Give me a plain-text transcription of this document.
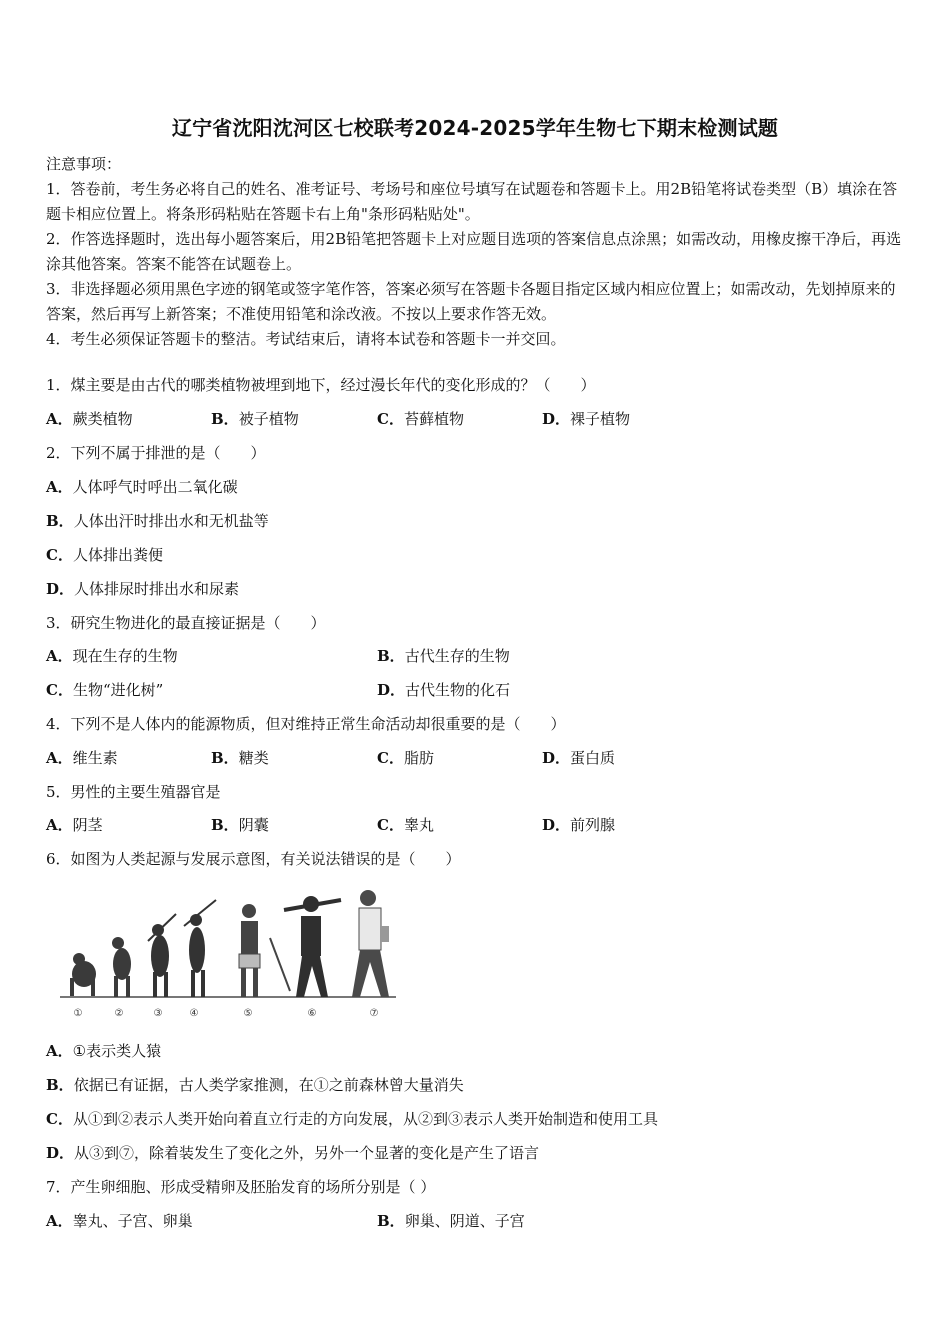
辽宁省沈阳沈河区七校联考2024-2025学年生物七下期末检测试题

注意事项：

1．答卷前，考生务必将自己的姓名、准考证号、考场号和座位号填写在试题卷和答题卡上。用2B铅笔将试卷类型（B）填涂在答题卡相应位置上。将条形码粘贴在答题卡右上角"条形码粘贴处"。

2．作答选择题时，选出每小题答案后，用2B铅笔把答题卡上对应题目选项的答案信息点涂黑；如需改动，用橡皮擦干净后，再选涂其他答案。答案不能答在试题卷上。

3．非选择题必须用黑色字迹的钢笔或签字笔作答，答案必须写在答题卡各题目指定区域内相应位置上；如需改动，先划掉原来的答案，然后再写上新答案；不准使用铅笔和涂改液。不按以上要求作答无效。

4．考生必须保证答题卡的整洁。考试结束后，请将本试卷和答题卡一并交回。

1．煤主要是由古代的哪类植物被埋到地下，经过漫长年代的变化形成的？（　　）
A．蕨类植物	B．被子植物	C．苔藓植物	D．裸子植物
2．下列不属于排泄的是（　　）
A．人体呼气时呼出二氧化碳
B．人体出汗时排出水和无机盐等
C．人体排出粪便
D．人体排尿时排出水和尿素
3．研究生物进化的最直接证据是（　　）
A．现在生存的生物	B．古代生存的生物
C．生物“进化树”	D．古代生物的化石
4．下列不是人体内的能源物质，但对维持正常生命活动却很重要的是（　　）
A．维生素	B．糖类	C．脂肪	D．蛋白质
5．男性的主要生殖器官是
A．阴茎	B．阴囊	C．睾丸	D．前列腺
6．如图为人类起源与发展示意图，有关说法错误的是（　　）
①	②	③	④	⑤	⑥	⑦
A．①表示类人猿
B．依据已有证据，古人类学家推测，在①之前森林曾大量消失
C．从①到②表示人类开始向着直立行走的方向发展，从②到③表示人类开始制造和使用工具
D．从③到⑦，除着装发生了变化之外，另外一个显著的变化是产生了语言
7．产生卵细胞、形成受精卵及胚胎发育的场所分别是（ ）
A．睾丸、子宫、卵巢	B．卵巢、阴道、子宫
